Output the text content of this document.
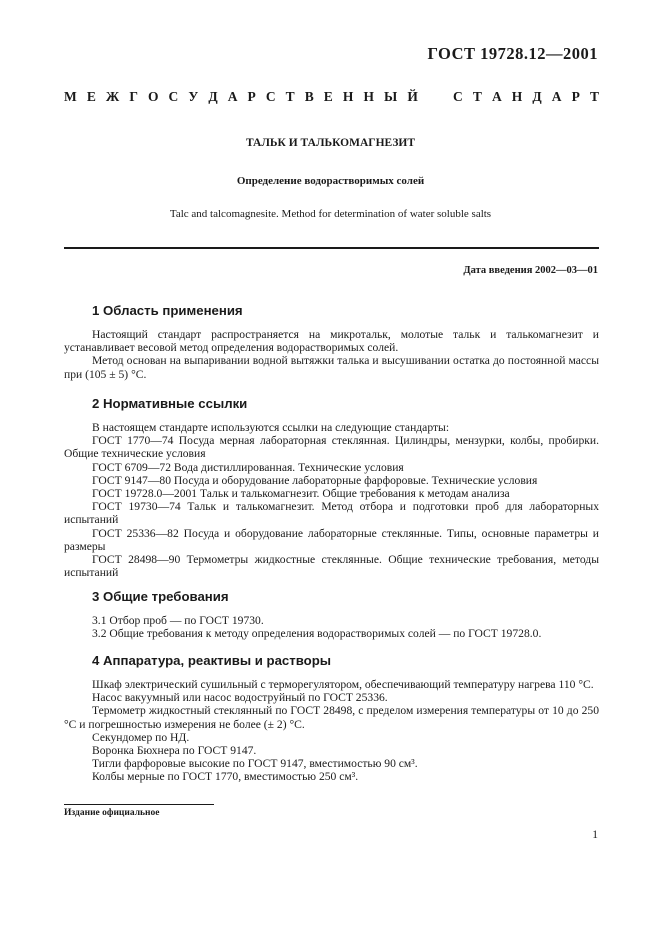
ГОСТ 19728.12—2001
М Е Ж Г О С У Д А Р С Т В Е Н Н Ы Й	С Т А Н Д А Р Т
ТАЛЬК И ТАЛЬКОМАГНЕЗИТ
Определение водорастворимых солей
Talc and talcomagnesite. Method for determination of water soluble salts
Дата введения 2002—03—01
1 Область применения

Настоящий стандарт распространяется на микротальк, молотые тальк и талькомагнезит и устанавливает весовой метод определения водорастворимых солей.

Метод основан на выпаривании водной вытяжки талька и высушивании остатка до постоянной массы при (105 ± 5) °С.

2 Нормативные ссылки

В настоящем стандарте используются ссылки на следующие стандарты:

ГОСТ 1770—74 Посуда мерная лабораторная стеклянная. Цилиндры, мензурки, колбы, пробирки. Общие технические условия

ГОСТ 6709—72 Вода дистиллированная. Технические условия

ГОСТ 9147—80 Посуда и оборудование лабораторные фарфоровые. Технические условия

ГОСТ 19728.0—2001 Тальк и талькомагнезит. Общие требования к методам анализа

ГОСТ 19730—74 Тальк и талькомагнезит. Метод отбора и подготовки проб для лабораторных испытаний

ГОСТ 25336—82 Посуда и оборудование лабораторные стеклянные. Типы, основные параметры и размеры

ГОСТ 28498—90 Термометры жидкостные стеклянные. Общие технические требования, методы испытаний

3 Общие требования

3.1 Отбор проб — по ГОСТ 19730.

3.2 Общие требования к методу определения водорастворимых солей — по ГОСТ 19728.0.

4 Аппаратура, реактивы и растворы

Шкаф электрический сушильный с терморегулятором, обеспечивающий температуру нагрева 110 °С.

Насос вакуумный или насос водоструйный по ГОСТ 25336.

Термометр жидкостный стеклянный по ГОСТ 28498, с пределом измерения температуры от 10 до 250 °С и погрешностью измерения не более (± 2) °С.

Секундомер по НД.

Воронка Бюхнера по ГОСТ 9147.

Тигли фарфоровые высокие по ГОСТ 9147, вместимостью 90 см³.

Колбы мерные по ГОСТ 1770, вместимостью 250 см³.

Издание официальное
1
